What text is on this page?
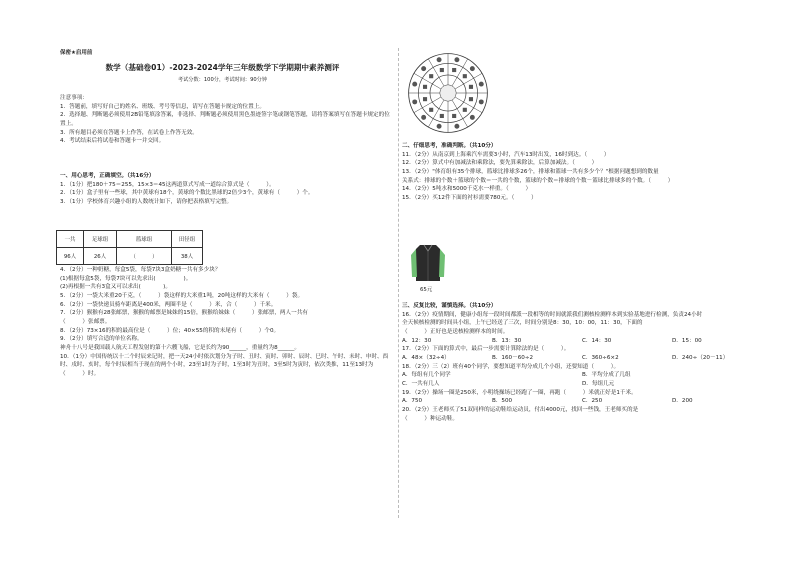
保密★启用前
数学（基础卷01）-2023-2024学年三年级数学下学期期中素养测评
考试分数：100分，考试时间：90分钟
注意事项：
1．答题前，填写好自己的姓名、班级、考号等信息，请写在答题卡规定的位置上。
2．选择题、判断题必须使用2B铅笔填涂答案，非选择、判断题必须使用黑色墨迹签字笔或钢笔答题，请将答案填写在答题卡规定的位置上。
3．所有题目必须在答题卡上作答，在试卷上作答无效。
4．考试结束后将试卷和答题卡一并交回。
一、用心思考，正确填空。（共16分）
1．（1分）把180＋75＝255，15×3＝45这两道算式写成一道综合算式是（　　　）。
2．（1分）盒子里有一些球，其中黄球有18个，黄球的个数比黑球的2倍少3个，黄球有（　　　）个。
3．（1分）学校体育兴趣小组的人数统计如下，请你把表格填写完整。
一共	足球组	篮球组	田径组
96人	26人	（　　　）	38人
4．（2分）一种奶糖，每盒5袋，每袋7块3盒奶糖一共有多少块？
(1)根据每盒5袋，每袋7块可以先求出(　　　　　)。
(2)再根据一共有3盒又可以求出(　　　　)。
5．（2分）一袋大米重20千克，（　　　）袋这样的大米重1吨，20吨这样的大米有（　　　）袋。
6．（2分）一袋快递员骑车距离是400米，两圈半是（　　　）米，合（　　　）千米。
7．（2分）猴猴有28张邮票，猴猴的邮票是妹妹的15倍，猴猴给妹妹（　　　）张邮票，两人一共有
（　　　）张邮票。
8．（2分）73×16的积的最高位是（　　　）位；40×55的积的末尾有（　　　）个0。
9．（2分）填写合适的单位名称。
神舟十八号是我国载人航天工程发射的第十六艘飞船，它是长约为90______，重量约为8______。
10．（1分）中国传统以十二个时辰来记时，把一天24小时依次划分为子时、丑时、寅时、卯时、辰时、巳时、午时、未时、申时、酉时、戌时、亥时，每个时辰相当于现在的两个小时，23至1时为子时，1至3时为丑时，3至5时为寅时，依次类推，11至13时为（　　　）时。
二、仔细思考，准确判断。（共10分）
11．（2分）从南京到上海乘汽车需要3小时，汽车13时出发，16时到达。（　　　）
12．（2分）算式中有加减法和乘除法，要先算乘除法，后算加减法。（　　　）
13．（2分）"体育组有35个排球，篮球比排球多26个，排球和篮球一共有多少个？"根据问题想到的数量
关系式：排球的个数＋篮球的个数＝一共的个数，篮球的个数＝排球的个数－篮球比排球多的个数。（　　　）
14．（2分）5吨水和5000千克水一样重。（　　　）
15．（2分）买12件下面的衬衫需要780元。（　　　）
65元
三、反复比较，谨慎选择。（共10分）
16．（2分）疫情期间，健康小组每一段时间都派一段相等的时间就派我们测核检测样本到实验基地进行检测，负责24小时
全天候核检测的时间具小组，上午已经送了三次，时间分别是8：30，10：00，11：30，下面的
（　　　）正好也是送核检测样本的时间。
A．12：30	B．13：30	C．14：30	D．15：00
17．（2分）下面的算式中，最后一步需要计算除法的是（　　　）。
A．48×（32÷4）	B．160－60÷2	C．360÷6×2	D．240÷（20－11）
18．（2分）三（2）班有40个同学，要想知道平均分成几个小组，还要知道（　　　）。
A．每组有几个同学	B．平均分成了几组
C．一共有几人	D．每组几元
19．（2分）操场一圈是250米，小明绕操场已经跑了一圈，再跑（　　　）米就正好是1千米。
A．750	B．500	C．250	D．200
20．（2分）王老师买了51双同样的运动鞋给运动员，付出4000元，找回一些钱，王老师买的是
（　　　）种运动鞋。
